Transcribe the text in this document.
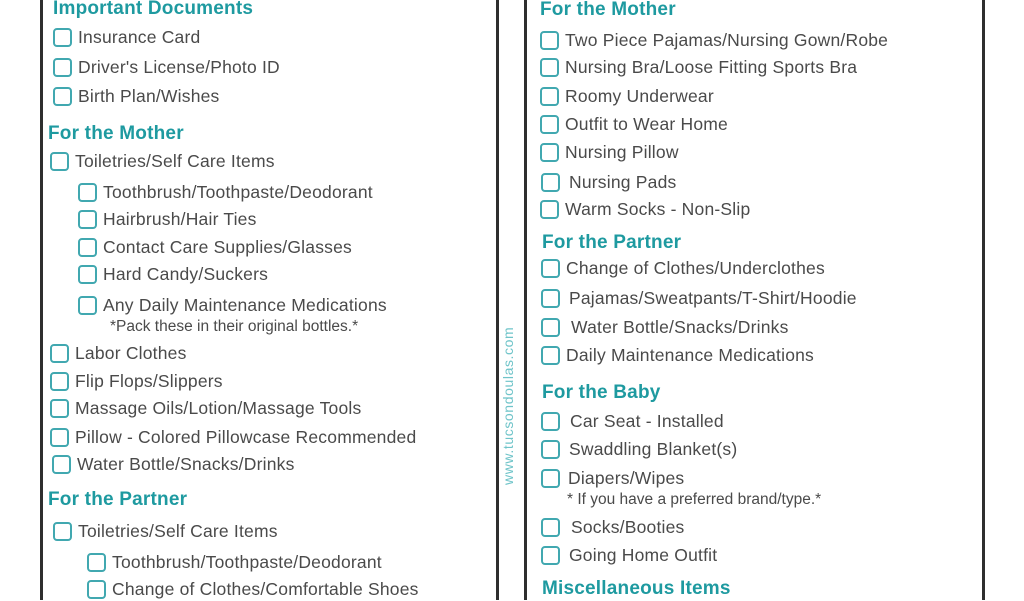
www.tucsondoulas.com
Important Documents
Insurance Card
Driver's License/Photo ID
Birth Plan/Wishes
For the Mother
Toiletries/Self Care Items
Toothbrush/Toothpaste/Deodorant
Hairbrush/Hair Ties
Contact Care Supplies/Glasses
Hard Candy/Suckers
Any Daily Maintenance Medications
*Pack these in their original bottles.*
Labor Clothes
Flip Flops/Slippers
Massage Oils/Lotion/Massage Tools
Pillow - Colored Pillowcase Recommended
Water Bottle/Snacks/Drinks
For the Partner
Toiletries/Self Care Items
Toothbrush/Toothpaste/Deodorant
Change of Clothes/Comfortable Shoes
For the Mother
Two Piece Pajamas/Nursing Gown/Robe
Nursing Bra/Loose Fitting Sports Bra
Roomy Underwear
Outfit to Wear Home
Nursing Pillow
Nursing Pads
Warm Socks - Non-Slip
For the Partner
Change of Clothes/Underclothes
Pajamas/Sweatpants/T-Shirt/Hoodie
Water Bottle/Snacks/Drinks
Daily Maintenance Medications
For the Baby
Car Seat - Installed
Swaddling Blanket(s)
Diapers/Wipes
* If you have a preferred brand/type.*
Socks/Booties
Going Home Outfit
Miscellaneous Items
